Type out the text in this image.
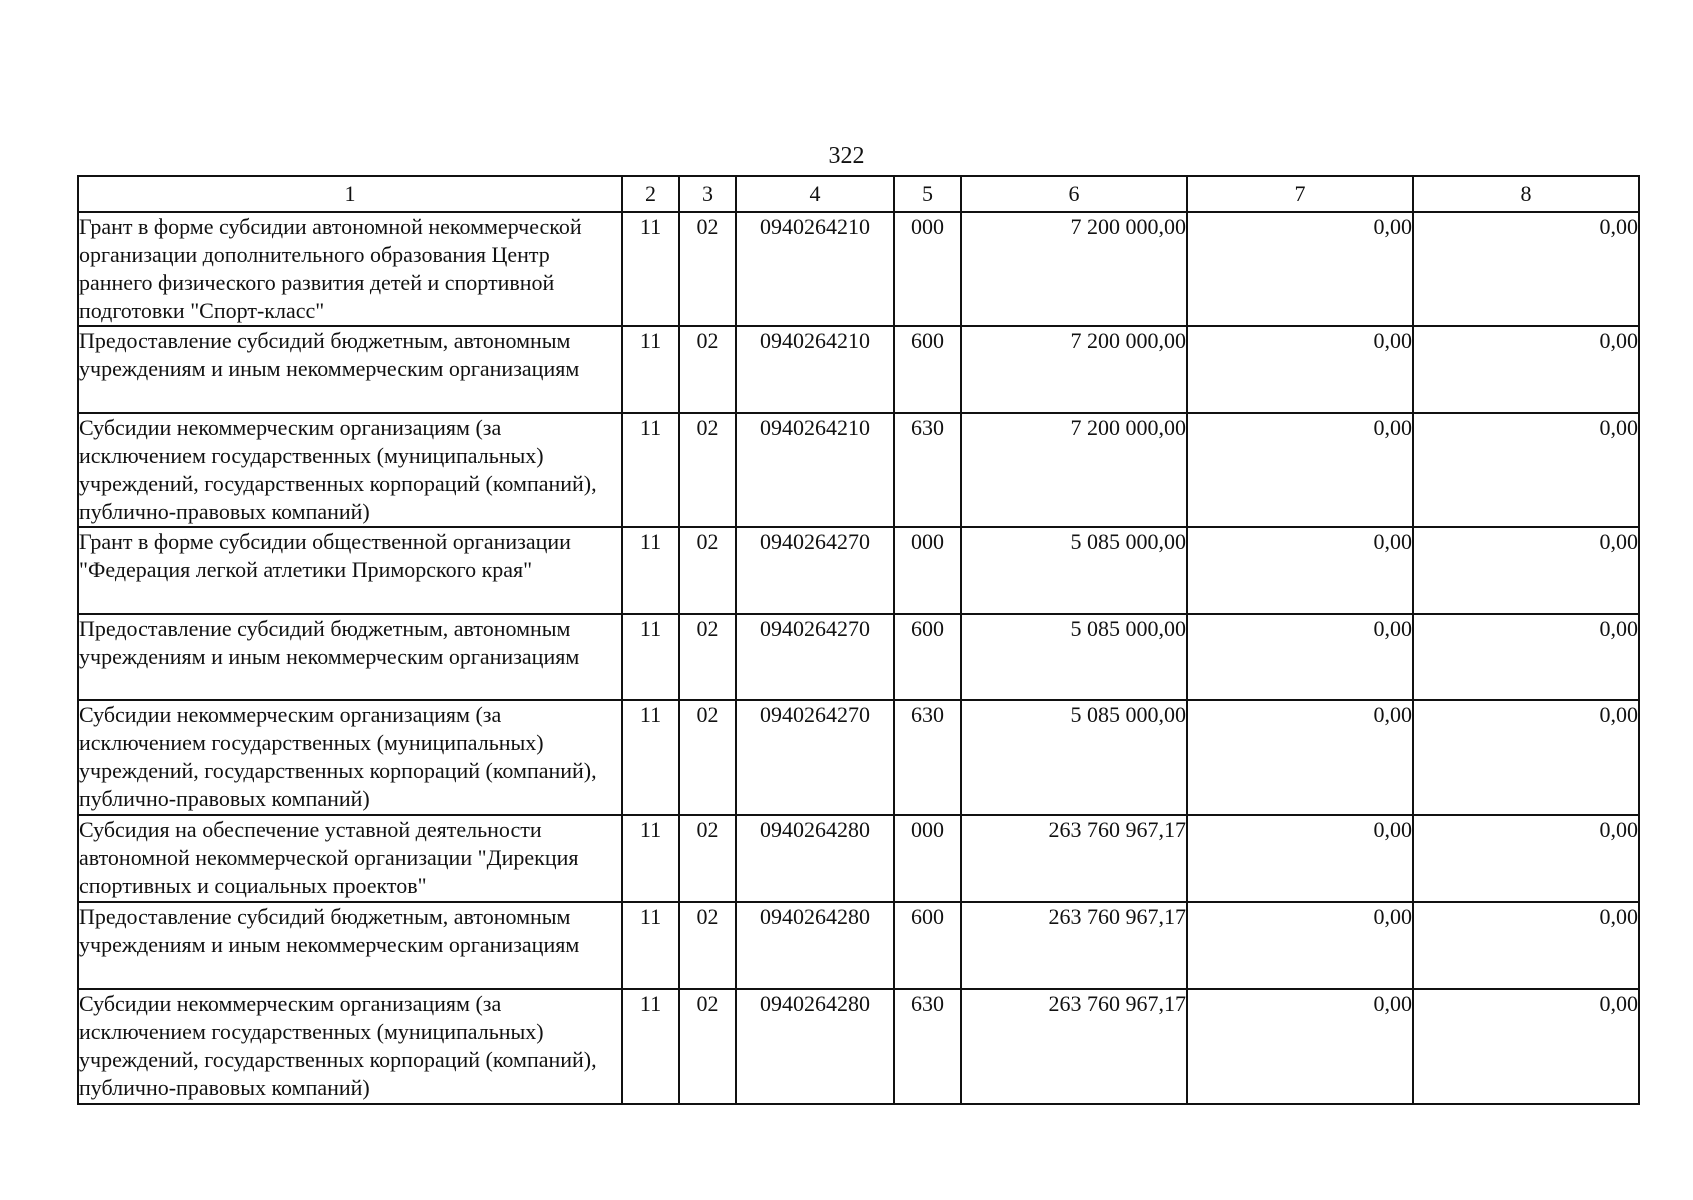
322
1	2	3	4	5	6	7	8
Грант в форме субсидии автономной некоммерческой организации дополнительного образования Центр раннего физического развития детей и спортивной подготовки "Спорт-класс"	11	02	0940264210	000	7 200 000,00	0,00	0,00
Предоставление субсидий бюджетным, автономным учреждениям и иным некоммерческим организациям	11	02	0940264210	600	7 200 000,00	0,00	0,00
Субсидии некоммерческим организациям (за исключением государственных (муниципальных) учреждений, государственных корпораций (компаний), публично-правовых компаний)	11	02	0940264210	630	7 200 000,00	0,00	0,00
Грант в форме субсидии общественной организации "Федерация легкой атлетики Приморского края"	11	02	0940264270	000	5 085 000,00	0,00	0,00
Предоставление субсидий бюджетным, автономным учреждениям и иным некоммерческим организациям	11	02	0940264270	600	5 085 000,00	0,00	0,00
Субсидии некоммерческим организациям (за исключением государственных (муниципальных) учреждений, государственных корпораций (компаний), публично-правовых компаний)	11	02	0940264270	630	5 085 000,00	0,00	0,00
Субсидия на обеспечение уставной деятельности автономной некоммерческой организации "Дирекция спортивных и социальных проектов"	11	02	0940264280	000	263 760 967,17	0,00	0,00
Предоставление субсидий бюджетным, автономным учреждениям и иным некоммерческим организациям	11	02	0940264280	600	263 760 967,17	0,00	0,00
Субсидии некоммерческим организациям (за исключением государственных (муниципальных) учреждений, государственных корпораций (компаний), публично-правовых компаний)	11	02	0940264280	630	263 760 967,17	0,00	0,00
